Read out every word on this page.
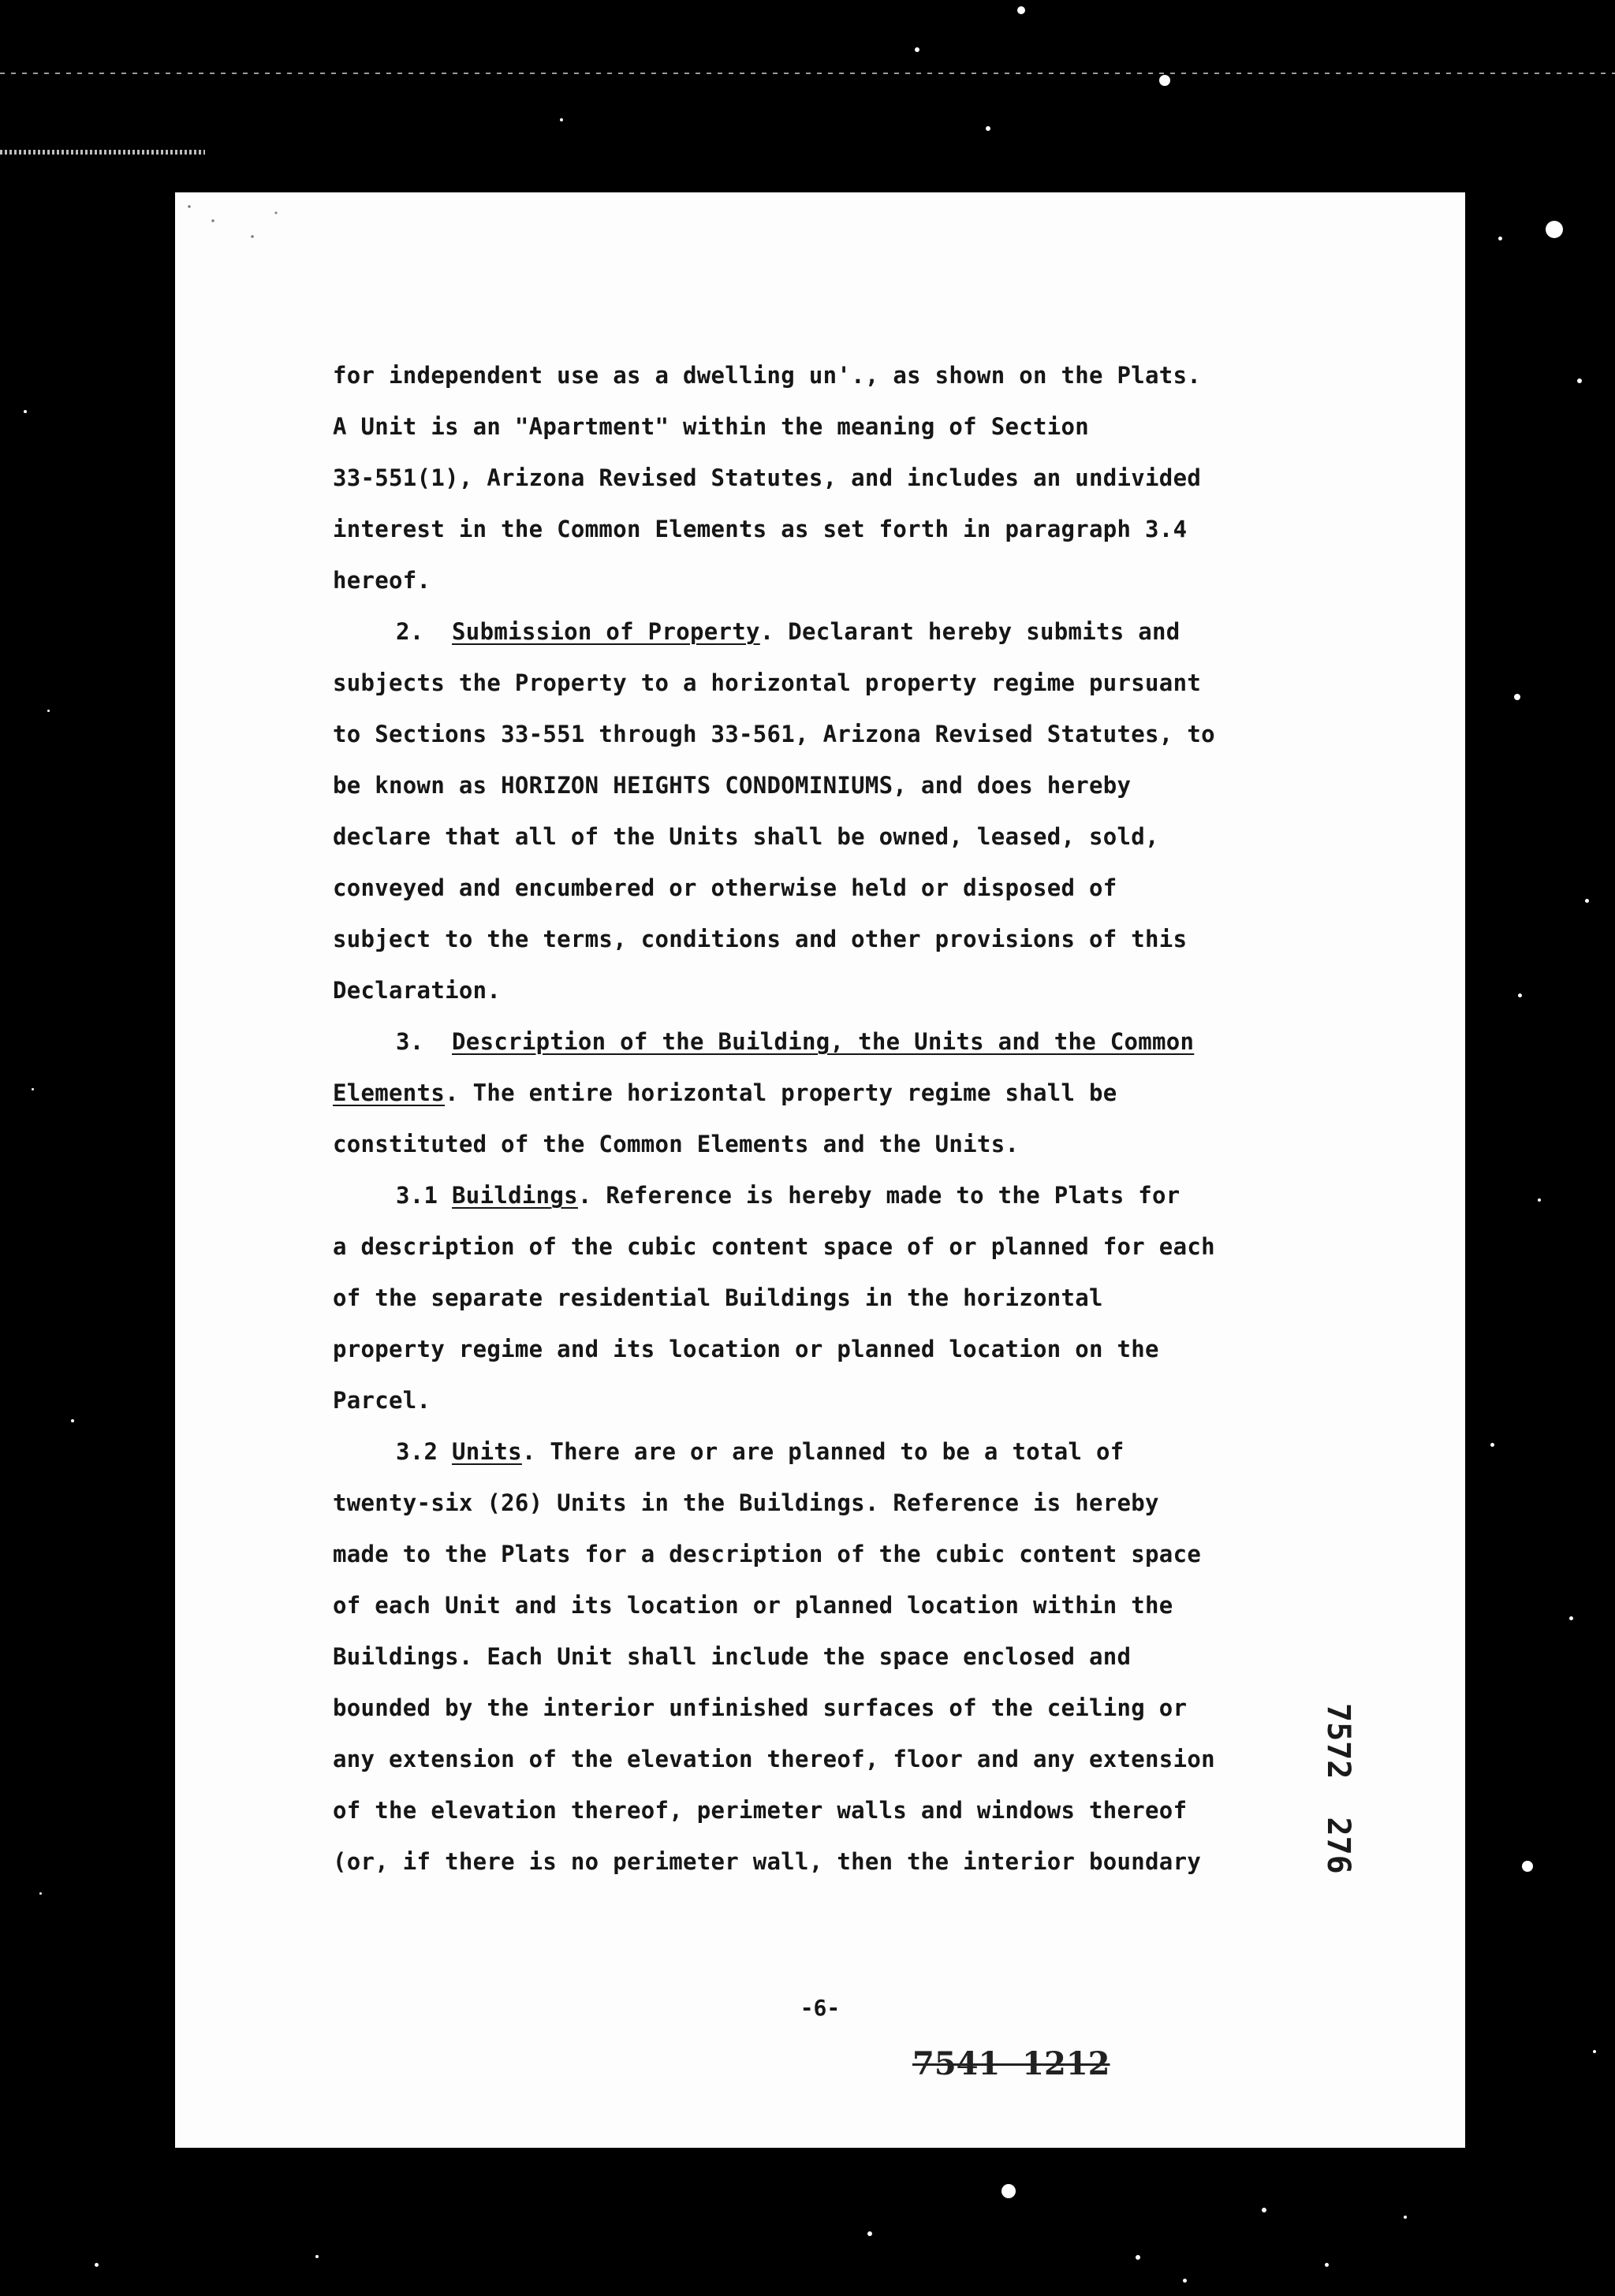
for independent use as a dwelling un'., as shown on the Plats.
A Unit is an "Apartment" within the meaning of Section
33-551(1), Arizona Revised Statutes, and includes an undivided
interest in the Common Elements as set forth in paragraph 3.4
hereof.
2.  Submission of Property. Declarant hereby submits and
subjects the Property to a horizontal property regime pursuant
to Sections 33-551 through 33-561, Arizona Revised Statutes, to
be known as HORIZON HEIGHTS CONDOMINIUMS, and does hereby
declare that all of the Units shall be owned, leased, sold,
conveyed and encumbered or otherwise held or disposed of
subject to the terms, conditions and other provisions of this
Declaration.
3.  Description of the Building, the Units and the Common
Elements. The entire horizontal property regime shall be
constituted of the Common Elements and the Units.
3.1 Buildings. Reference is hereby made to the Plats for
a description of the cubic content space of or planned for each
of the separate residential Buildings in the horizontal
property regime and its location or planned location on the
Parcel.
3.2 Units. There are or are planned to be a total of
twenty-six (26) Units in the Buildings. Reference is hereby
made to the Plats for a description of the cubic content space
of each Unit and its location or planned location within the
Buildings. Each Unit shall include the space enclosed and
bounded by the interior unfinished surfaces of the ceiling or
any extension of the elevation thereof, floor and any extension
of the elevation thereof, perimeter walls and windows thereof
(or, if there is no perimeter wall, then the interior boundary
-6-
7541  1212
7572  276
